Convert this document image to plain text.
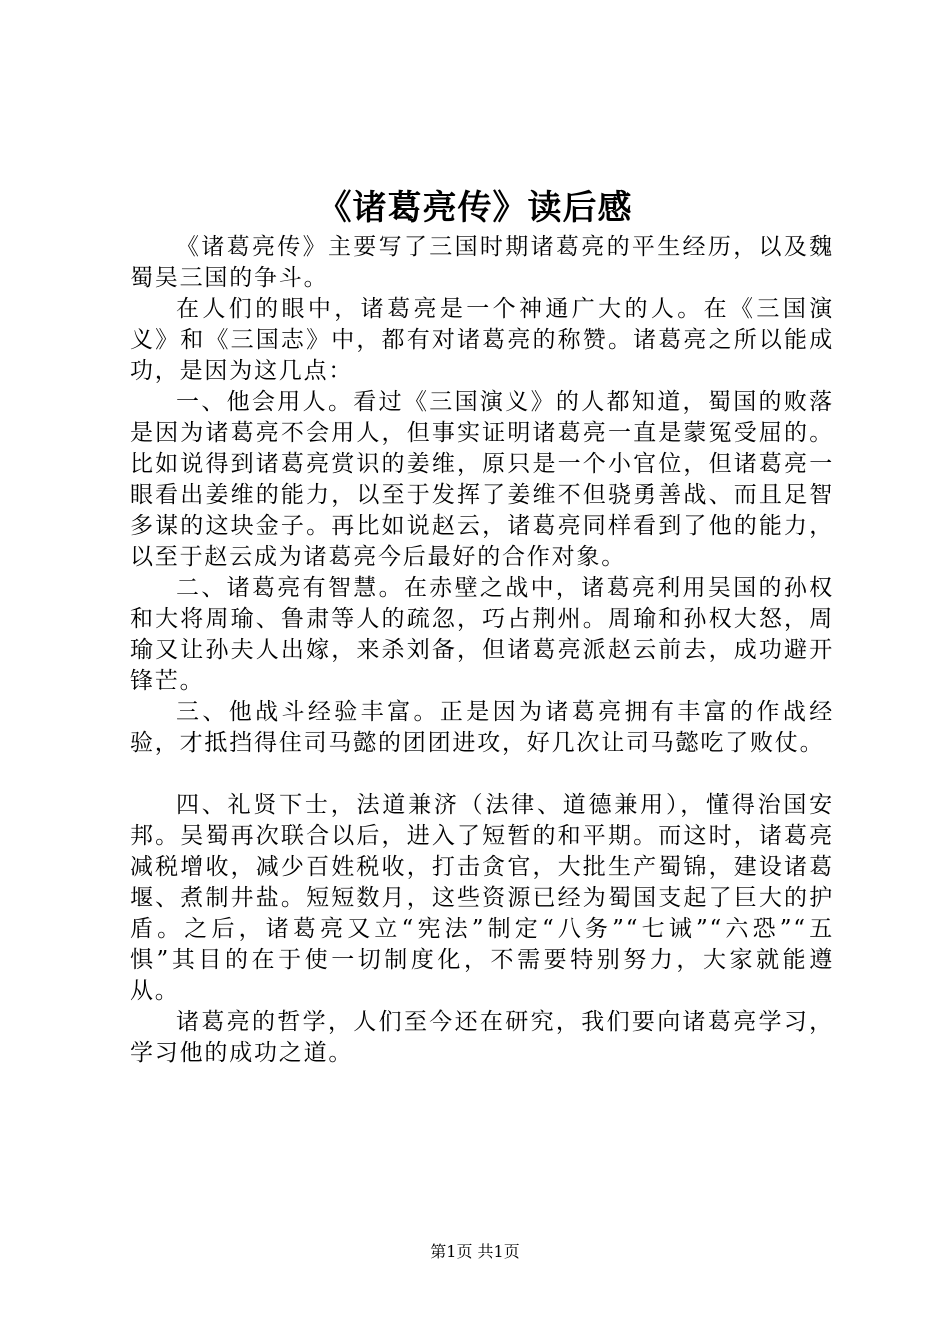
《诸葛亮传》读后感

《诸葛亮传》主要写了三国时期诸葛亮的平生经历，以及魏蜀吴三国的争斗。

在人们的眼中，诸葛亮是一个神通广大的人。在《三国演义》和《三国志》中，都有对诸葛亮的称赞。诸葛亮之所以能成功，是因为这几点：

一、他会用人。看过《三国演义》的人都知道，蜀国的败落是因为诸葛亮不会用人，但事实证明诸葛亮一直是蒙冤受屈的。比如说得到诸葛亮赏识的姜维，原只是一个小官位，但诸葛亮一眼看出姜维的能力，以至于发挥了姜维不但骁勇善战、而且足智多谋的这块金子。再比如说赵云，诸葛亮同样看到了他的能力，以至于赵云成为诸葛亮今后最好的合作对象。

二、诸葛亮有智慧。在赤壁之战中，诸葛亮利用吴国的孙权和大将周瑜、鲁肃等人的疏忽，巧占荆州。周瑜和孙权大怒，周瑜又让孙夫人出嫁，来杀刘备，但诸葛亮派赵云前去，成功避开锋芒。

三、他战斗经验丰富。正是因为诸葛亮拥有丰富的作战经验，才抵挡得住司马懿的团团进攻，好几次让司马懿吃了败仗。

四、礼贤下士，法道兼济（法律、道德兼用），懂得治国安邦。吴蜀再次联合以后，进入了短暂的和平期。而这时，诸葛亮减税增收，减少百姓税收，打击贪官，大批生产蜀锦，建设诸葛堰、煮制井盐。短短数月，这些资源已经为蜀国支起了巨大的护盾。之后，诸葛亮又立“宪法”制定“八务”“七诫”“六恐”“五惧”其目的在于使一切制度化，不需要特别努力，大家就能遵从。

诸葛亮的哲学，人们至今还在研究，我们要向诸葛亮学习，学习他的成功之道。

第1页 共1页
